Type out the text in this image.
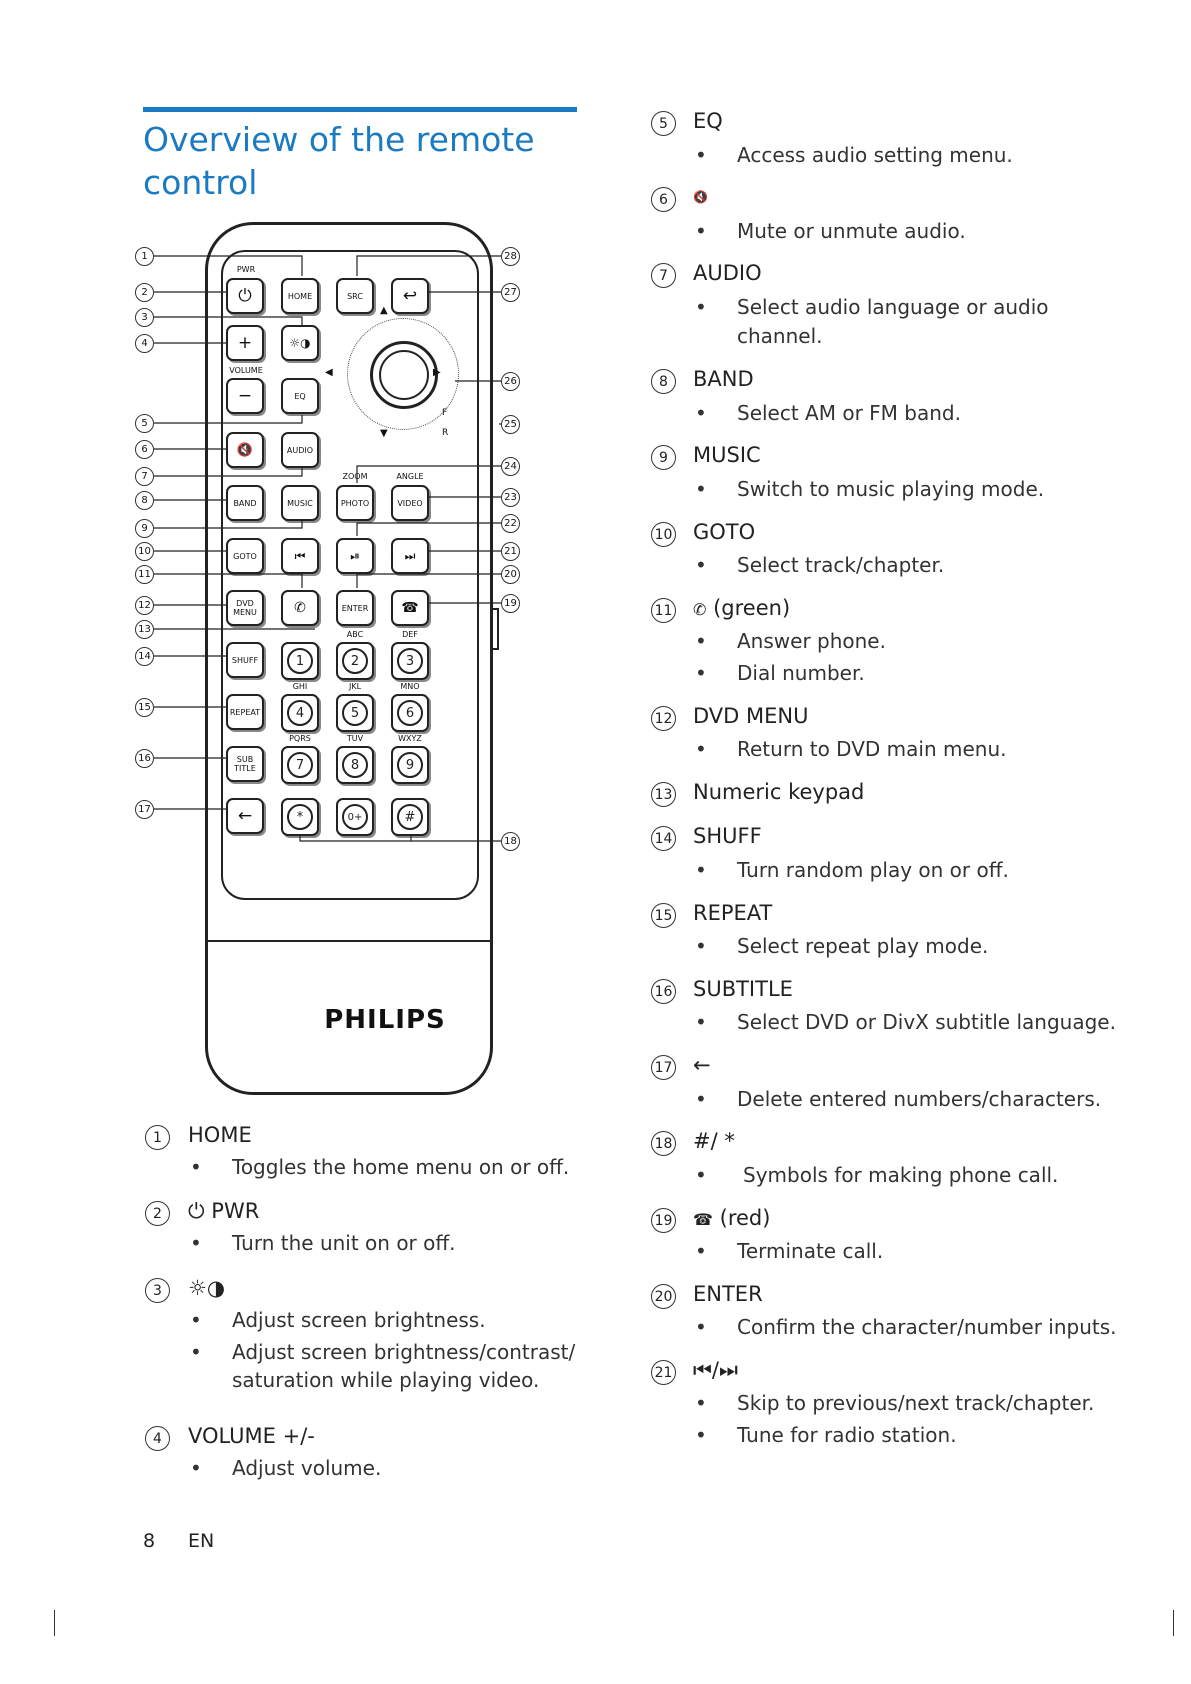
Overview of the remote control
PHILIPS
PWR
⏻	HOME	SRC	↩
+	☼◑
VOLUME
−	EQ
▲
▼
◀	▶
F
R
🔇	AUDIO
ZOOM	ANGLE
BAND	MUSIC	PHOTO	VIDEO
GOTO	⏮	⏯	⏭
DVD MENU	✆	ENTER	☎
ABC	DEF
SHUFF	1	2	3
GHI	JKL	MNO
REPEAT	4	5	6
PQRS	TUV	WXYZ
SUB TITLE	7	8	9
←	*	0+	#
1
2
3
4
5
6
7
8
9
10
11
12
13
14
15
16
17
28
27
26
25
24
23
22
21
20
19
18
1	HOME
• Toggles the home menu on or off.
2	⏻ PWR
• Turn the unit on or off.
3	☼◑
• Adjust screen brightness.
• Adjust screen brightness/contrast/
saturation while playing video.
4	VOLUME +/-
• Adjust volume.
5	EQ
• Access audio setting menu.
6	🔇
• Mute or unmute audio.
7	AUDIO
• Select audio language or audio
channel.
8	BAND
• Select AM or FM band.
9	MUSIC
• Switch to music playing mode.
10 GOTO
• Select track/chapter.
11 ✆ (green)
• Answer phone.
• Dial number.
12 DVD MENU
• Return to DVD main menu.
13 Numeric keypad
14 SHUFF
• Turn random play on or off.
15 REPEAT
• Select repeat play mode.
16 SUBTITLE
• Select DVD or DivX subtitle language.
17 ←
• Delete entered numbers/characters.
18 #/ *
• Symbols for making phone call.
19 ☎ (red)
• Terminate call.
20 ENTER
• Confirm the character/number inputs.
21 ⏮/⏭
• Skip to previous/next track/chapter.
• Tune for radio station.
8 EN
